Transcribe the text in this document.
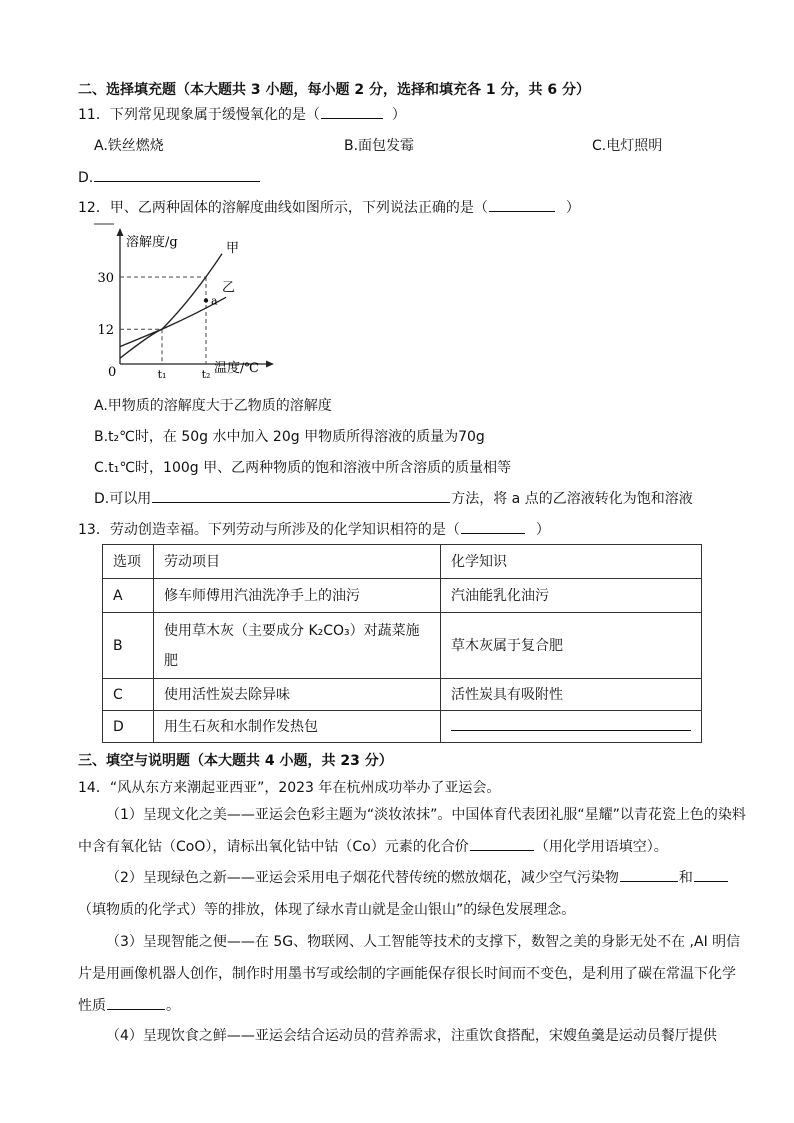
二、选择填充题（本大题共 3 小题，每小题 2 分，选择和填充各 1 分，共 6 分）
11．下列常见现象属于缓慢氧化的是（	）
A.铁丝燃烧	B.面包发霉	C.电灯照明
D.
12．甲、乙两种固体的溶解度曲线如图所示，下列说法正确的是（	）
12
30
t₁	t₂
甲
乙
a
溶解度/g
温度/℃
0
A.甲物质的溶解度大于乙物质的溶解度
B.t₂℃时，在 50g 水中加入 20g 甲物质所得溶液的质量为70g
C.t₁℃时，100g 甲、乙两种物质的饱和溶液中所含溶质的质量相等
D.可以用	方法，将 a 点的乙溶液转化为饱和溶液
13．劳动创造幸福。下列劳动与所涉及的化学知识相符的是（	）
选项	劳动项目	化学知识
A	修车师傅用汽油洗净手上的油污	汽油能乳化油污
B	使用草木灰（主要成分 K₂CO₃）对蔬菜施肥	草木灰属于复合肥
C	使用活性炭去除异味	活性炭具有吸附性
D	用生石灰和水制作发热包	
三、填空与说明题（本大题共 4 小题，共 23 分）
14．“风从东方来潮起亚西亚”，2023 年在杭州成功举办了亚运会。
（1）呈现文化之美——亚运会色彩主题为“淡妆浓抹”。中国体育代表团礼服“星耀”以青花瓷上色的染料中含有氧化钴（CoO），请标出氧化钴中钴（Co）元素的化合价	（用化学用语填空）。
（2）呈现绿色之新——亚运会采用电子烟花代替传统的燃放烟花，减少空气污染物	和（填物质的化学式）等的排放，体现了绿水青山就是金山银山”的绿色发展理念。
（3）呈现智能之便——在 5G、物联网、人工智能等技术的支撑下，数智之美的身影无处不在 ,AI 明信片是用画像机器人创作，制作时用墨书写或绘制的字画能保存很长时间而不变色，是利用了碳在常温下化学性质	。
（4）呈现饮食之鲜——亚运会结合运动员的营养需求，注重饮食搭配，宋嫂鱼羹是运动员餐厅提供
